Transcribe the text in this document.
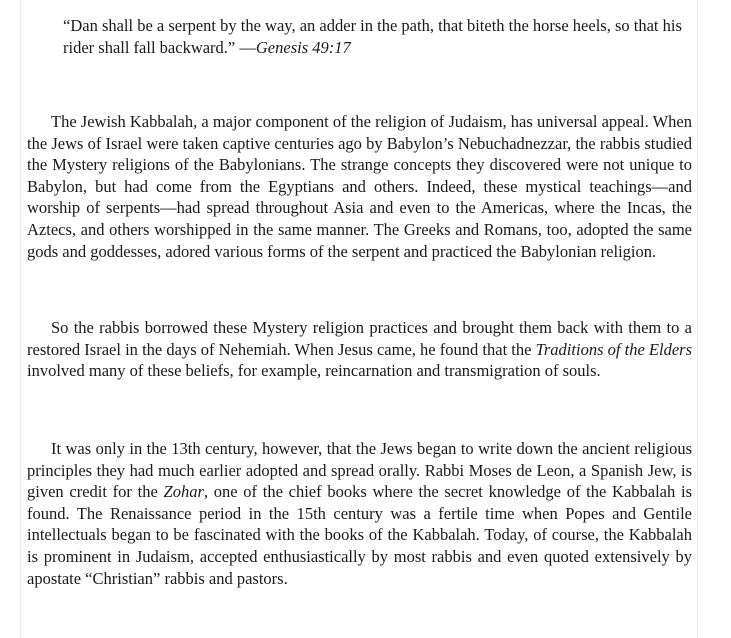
“Dan shall be a serpent by the way, an adder in the path, that biteth the horse heels, so that his rider shall fall backward.” —Genesis 49:17

The Jewish Kabbalah, a major component of the religion of Judaism, has universal appeal. When the Jews of Israel were taken captive centuries ago by Babylon’s Nebuchadnezzar, the rabbis studied the Mystery religions of the Babylonians. The strange concepts they discovered were not unique to Babylon, but had come from the Egyptians and others. Indeed, these mystical teachings—and worship of serpents—had spread throughout Asia and even to the Americas, where the Incas, the Aztecs, and others worshipped in the same manner. The Greeks and Romans, too, adopted the same gods and goddesses, adored various forms of the serpent and practiced the Babylonian religion.

So the rabbis borrowed these Mystery religion practices and brought them back with them to a restored Israel in the days of Nehemiah. When Jesus came, he found that the Traditions of the Elders involved many of these beliefs, for example, reincarnation and transmigration of souls.

It was only in the 13th century, however, that the Jews began to write down the ancient religious principles they had much earlier adopted and spread orally. Rabbi Moses de Leon, a Spanish Jew, is given credit for the Zohar, one of the chief books where the secret knowledge of the Kabbalah is found. The Renaissance period in the 15th century was a fertile time when Popes and Gentile intellectuals began to be fascinated with the books of the Kabbalah. Today, of course, the Kabbalah is prominent in Judaism, accepted enthusiastically by most rabbis and even quoted extensively by apostate “Christian” rabbis and pastors.
